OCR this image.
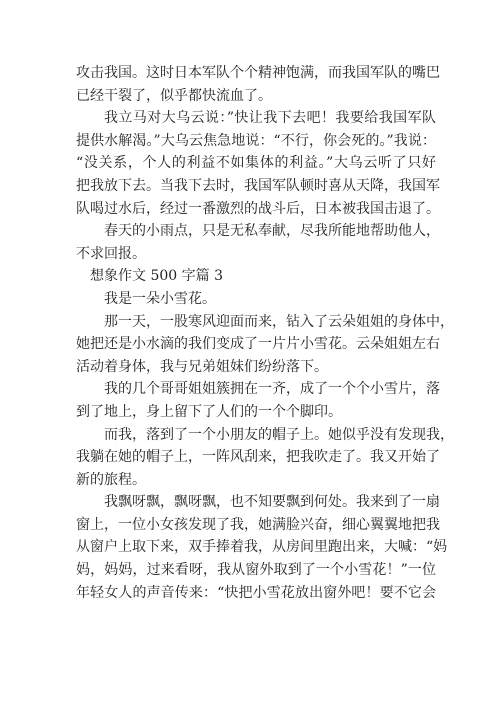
攻击我国。这时日本军队个个精神饱满，而我国军队的嘴巴
已经干裂了，似乎都快流血了。
我立马对大乌云说：”快让我下去吧！我要给我国军队
提供水解渴。”大乌云焦急地说：“不行，你会死的。”我说：
“没关系，个人的利益不如集体的利益。”大乌云听了只好
把我放下去。当我下去时，我国军队顿时喜从天降，我国军
队喝过水后，经过一番激烈的战斗后，日本被我国击退了。
春天的小雨点，只是无私奉献，尽我所能地帮助他人，
不求回报。
想象作文 500 字篇 3
我是一朵小雪花。
那一天，一股寒风迎面而来，钻入了云朵姐姐的身体中，
她把还是小水滴的我们变成了一片片小雪花。云朵姐姐左右
活动着身体，我与兄弟姐妹们纷纷落下。
我的几个哥哥姐姐簇拥在一齐，成了一个个小雪片，落
到了地上，身上留下了人们的一个个脚印。
而我，落到了一个小朋友的帽子上。她似乎没有发现我，
我躺在她的帽子上，一阵风刮来，把我吹走了。我又开始了
新的旅程。
我飘呀飘，飘呀飘，也不知要飘到何处。我来到了一扇
窗上，一位小女孩发现了我，她满脸兴奋，细心翼翼地把我
从窗户上取下来，双手捧着我，从房间里跑出来，大喊：“妈
妈，妈妈，过来看呀，我从窗外取到了一个小雪花！”一位
年轻女人的声音传来：“快把小雪花放出窗外吧！要不它会
